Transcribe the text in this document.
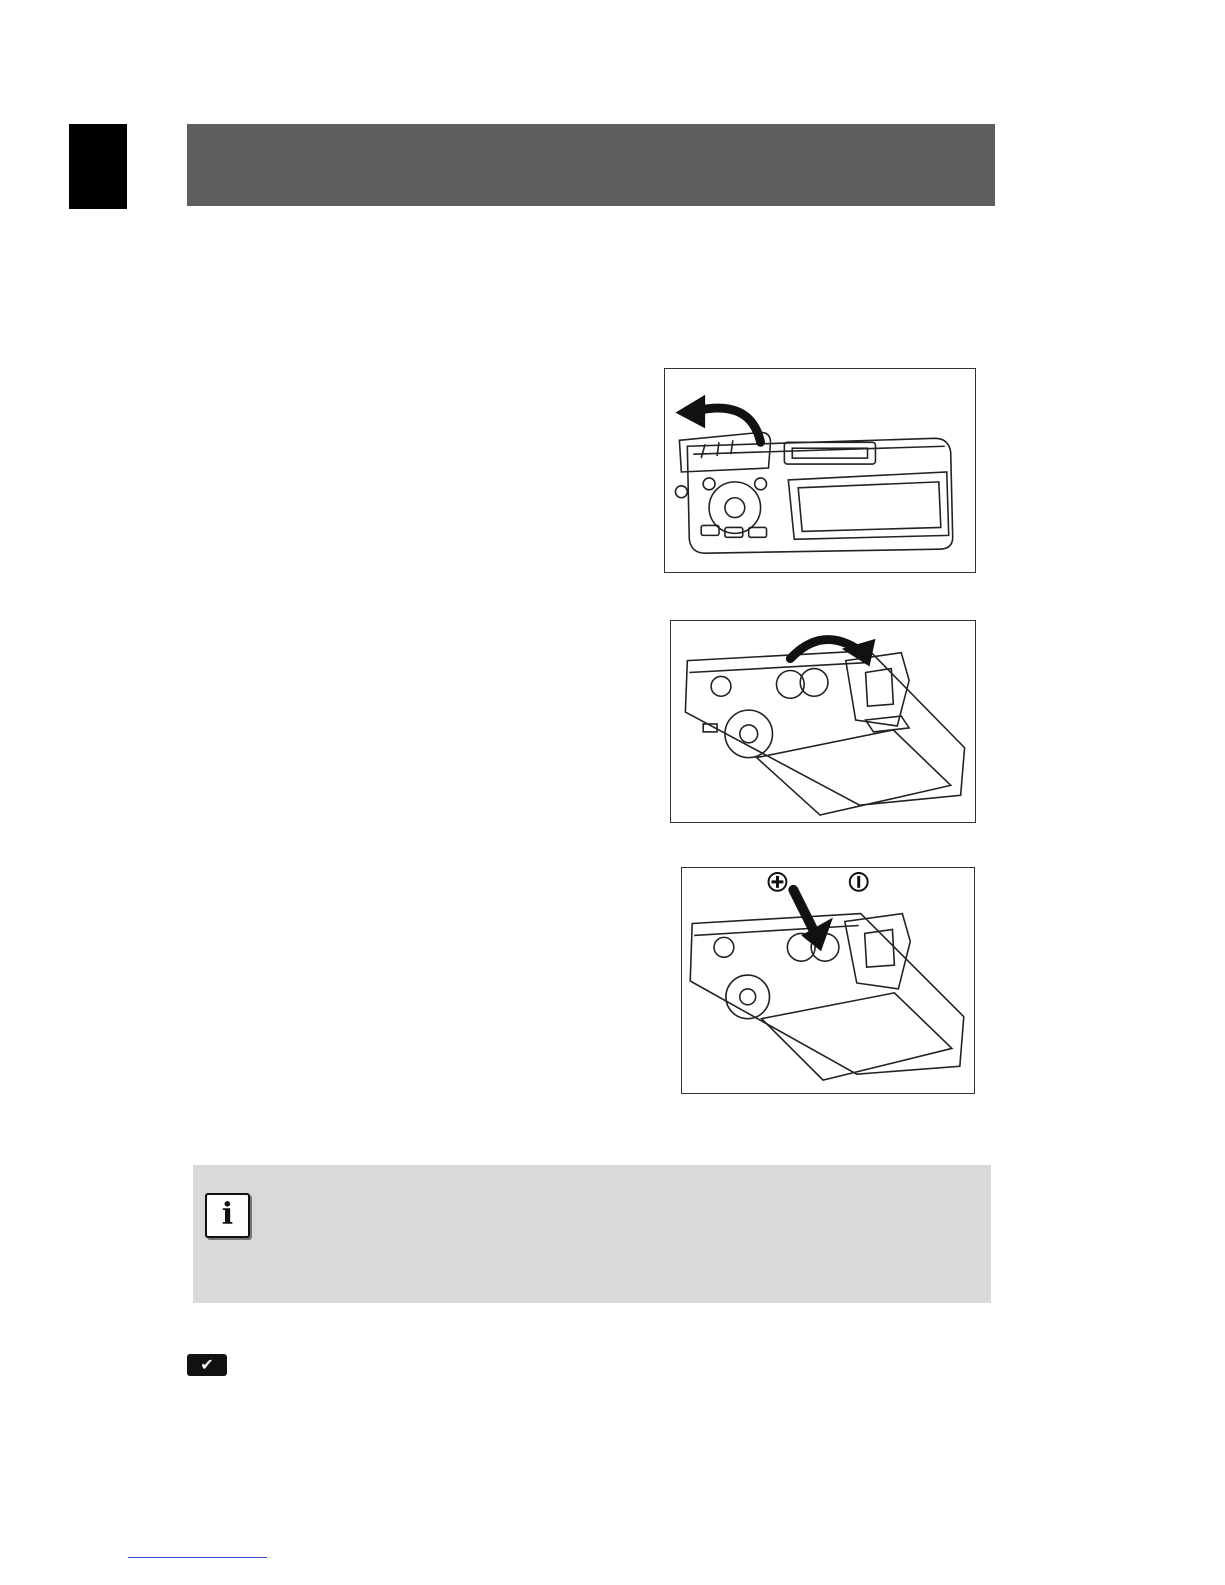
i
✔
